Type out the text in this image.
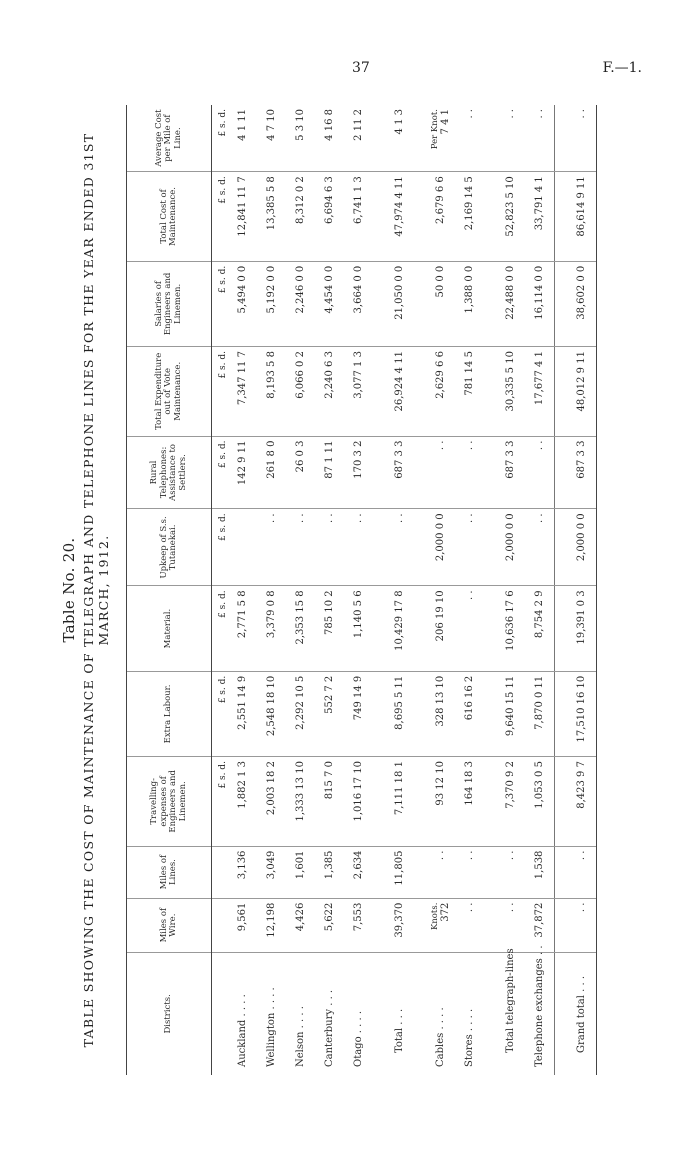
37	F.—1.
Table No. 20. TABLE SHOWING THE COST OF MAINTENANCE OF TELEGRAPH AND TELEPHONE LINES FOR THE YEAR ENDED 31ST MARCH, 1912.
Districts.	Miles of Wire.	Miles of Lines.	Travelling-expenses of Engineers and Linemen.	Extra Labour.	Material.	Upkeep of S.s. Tutanekai.	Rural Telephones: Assistance to Settlers.	Total Expenditure out of Vote Maintenance.	Salaries of Engineers and Linemen.	Total Cost of Maintenance.	Average Cost per Mile of Line.
			£ s. d.	£ s. d.	£ s. d.	£ s. d.	£ s. d.	£ s. d.	£ s. d.	£ s. d.	£ s. d.
Auckland . . . .	9,561	3,136	1,882 1 3	2,551 14 9	2,771 5 8		142 9 11	7,347 11 7	5,494 0 0	12,841 11 7	4 1 11
Wellington . . . .	12,198	3,049	2,003 18 2	2,548 18 10	3,379 0 8	. .	261 8 0	8,193 5 8	5,192 0 0	13,385 5 8	4 7 10
Nelson . . . .	4,426	1,601	1,333 13 10	2,292 10 5	2,353 15 8	. .	26 0 3	6,066 0 2	2,246 0 0	8,312 0 2	5 3 10
Canterbury . . .	5,622	1,385	815 7 0	552 7 2	785 10 2	. .	87 1 11	2,240 6 3	4,454 0 0	6,694 6 3	4 16 8
Otago . . . .	7,553	2,634	1,016 17 10	749 14 9	1,140 5 6	. .	170 3 2	3,077 1 3	3,664 0 0	6,741 1 3	2 11 2

Total . . .	39,370	11,805	7,111 18 1	8,695 5 11	10,429 17 8	. .	687 3 3	26,924 4 11	21,050 0 0	47,974 4 11	4 1 3

Cables . . . .	Knots. 372	. .	93 12 10	328 13 10	206 19 10	2,000 0 0	. .	2,629 6 6	50 0 0	2,679 6 6	Per Knot. 7 4 1
Stores . . . .	. .	. .	164 18 3	616 16 2	. .	. .	. .	781 14 5	1,388 0 0	2,169 14 5	. .

Total telegraph-lines	. .	. .	7,370 9 2	9,640 15 11	10,636 17 6	2,000 0 0	687 3 3	30,335 5 10	22,488 0 0	52,823 5 10	. .
Telephone exchanges . .	37,872	1,538	1,053 0 5	7,870 0 11	8,754 2 9	. .	. .	17,677 4 1	16,114 0 0	33,791 4 1	. .

Grand total . . .	. .	. .	8,423 9 7	17,510 16 10	19,391 0 3	2,000 0 0	687 3 3	48,012 9 11	38,602 0 0	86,614 9 11	. .
